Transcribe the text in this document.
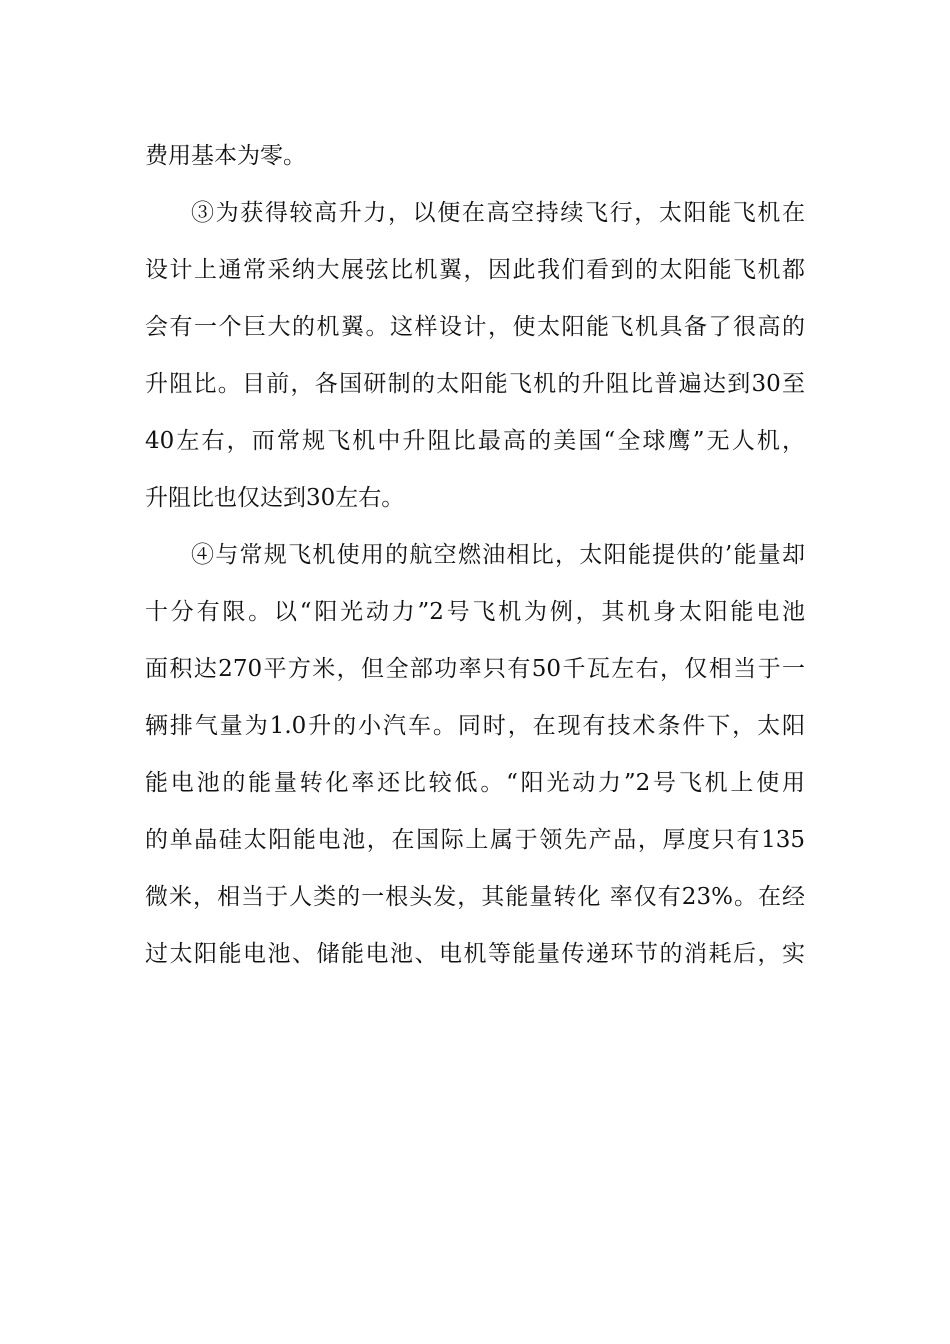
费用基本为零。
③为获得较高升力，以便在高空持续飞行，太阳能飞机在
设计上通常采纳大展弦比机翼，因此我们看到的太阳能飞机都
会有一个巨大的机翼。这样设计，使太阳能飞机具备了很高的
升阻比。目前，各国研制的太阳能飞机的升阻比普遍达到30至
40左右，而常规飞机中升阻比最高的美国“全球鹰”无人机，
升阻比也仅达到30左右。
④与常规飞机使用的航空燃油相比，太阳能提供的’能量却
十分有限。以“阳光动力”2号飞机为例，其机身太阳能电池
面积达270平方米，但全部功率只有50千瓦左右，仅相当于一
辆排气量为1.0升的小汽车。同时，在现有技术条件下，太阳
能电池的能量转化率还比较低。“阳光动力”2号飞机上使用
的单晶硅太阳能电池，在国际上属于领先产品，厚度只有135
微米，相当于人类的一根头发，其能量转化 率仅有23%。在经
过太阳能电池、储能电池、电机等能量传递环节的消耗后，实
